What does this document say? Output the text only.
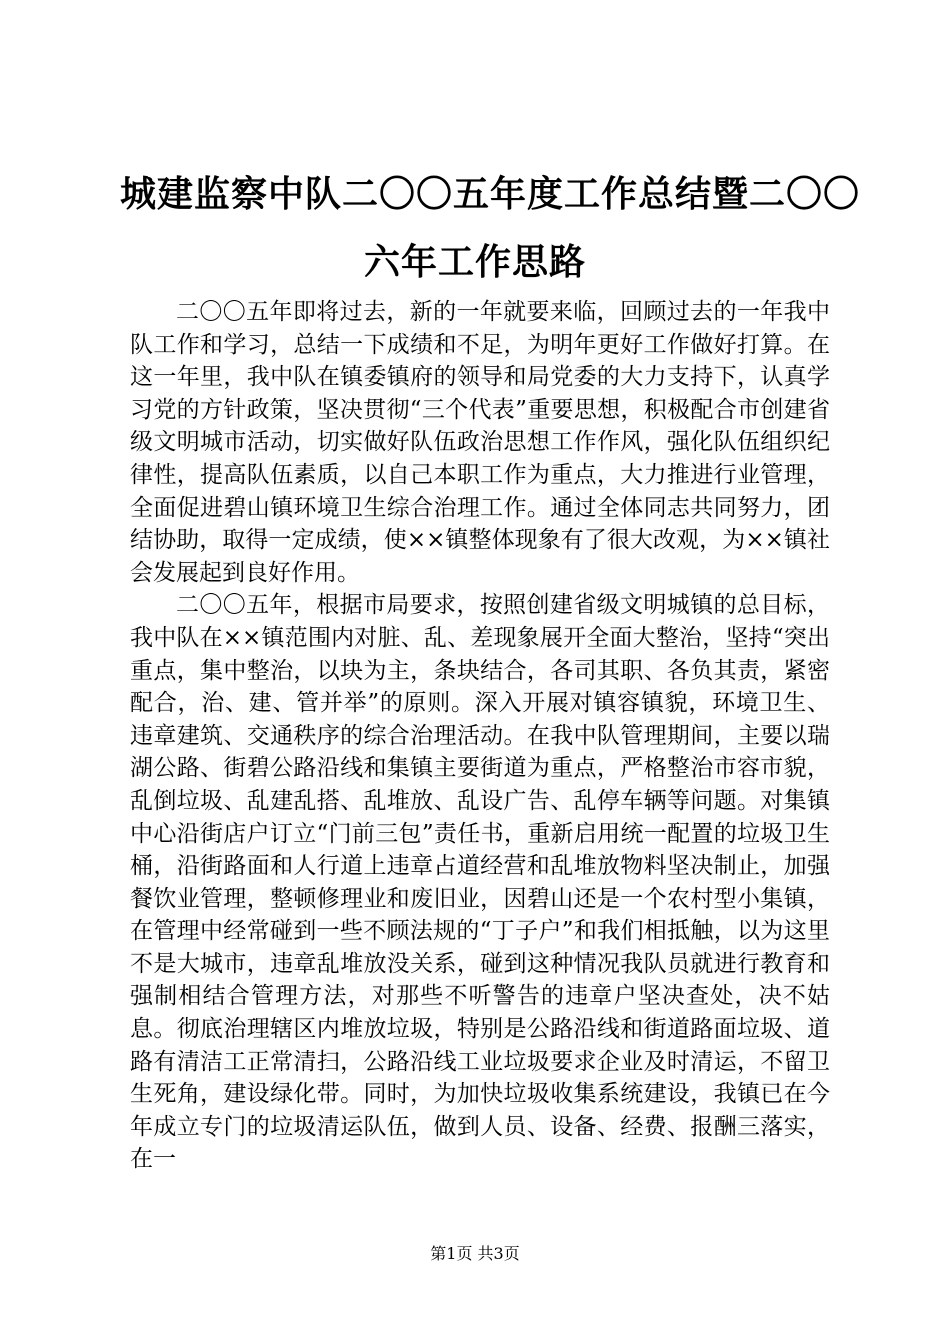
城建监察中队二〇〇五年度工作总结暨二〇〇
六年工作思路

二〇〇五年即将过去，新的一年就要来临，回顾过去的一年我中队工作和学习，总结一下成绩和不足，为明年更好工作做好打算。在这一年里，我中队在镇委镇府的领导和局党委的大力支持下，认真学习党的方针政策，坚决贯彻“三个代表”重要思想，积极配合市创建省级文明城市活动，切实做好队伍政治思想工作作风，强化队伍组织纪律性，提高队伍素质，以自己本职工作为重点，大力推进行业管理，全面促进碧山镇环境卫生综合治理工作。通过全体同志共同努力，团结协助，取得一定成绩，使××镇整体现象有了很大改观，为××镇社会发展起到良好作用。

二〇〇五年，根据市局要求，按照创建省级文明城镇的总目标，我中队在××镇范围内对脏、乱、差现象展开全面大整治，坚持“突出重点，集中整治，以块为主，条块结合，各司其职、各负其责，紧密配合，治、建、管并举”的原则。深入开展对镇容镇貌，环境卫生、违章建筑、交通秩序的综合治理活动。在我中队管理期间，主要以瑞湖公路、街碧公路沿线和集镇主要街道为重点，严格整治市容市貌，乱倒垃圾、乱建乱搭、乱堆放、乱设广告、乱停车辆等问题。对集镇中心沿街店户订立“门前三包”责任书，重新启用统一配置的垃圾卫生桶，沿街路面和人行道上违章占道经营和乱堆放物料坚决制止，加强餐饮业管理，整顿修理业和废旧业，因碧山还是一个农村型小集镇，在管理中经常碰到一些不顾法规的“丁子户”和我们相抵触，以为这里不是大城市，违章乱堆放没关系，碰到这种情况我队员就进行教育和强制相结合管理方法，对那些不听警告的违章户坚决查处，决不姑息。彻底治理辖区内堆放垃圾，特别是公路沿线和街道路面垃圾、道路有清洁工正常清扫，公路沿线工业垃圾要求企业及时清运，不留卫生死角，建设绿化带。同时，为加快垃圾收集系统建设，我镇已在今年成立专门的垃圾清运队伍，做到人员、设备、经费、报酬三落实，在一

第1页 共3页
